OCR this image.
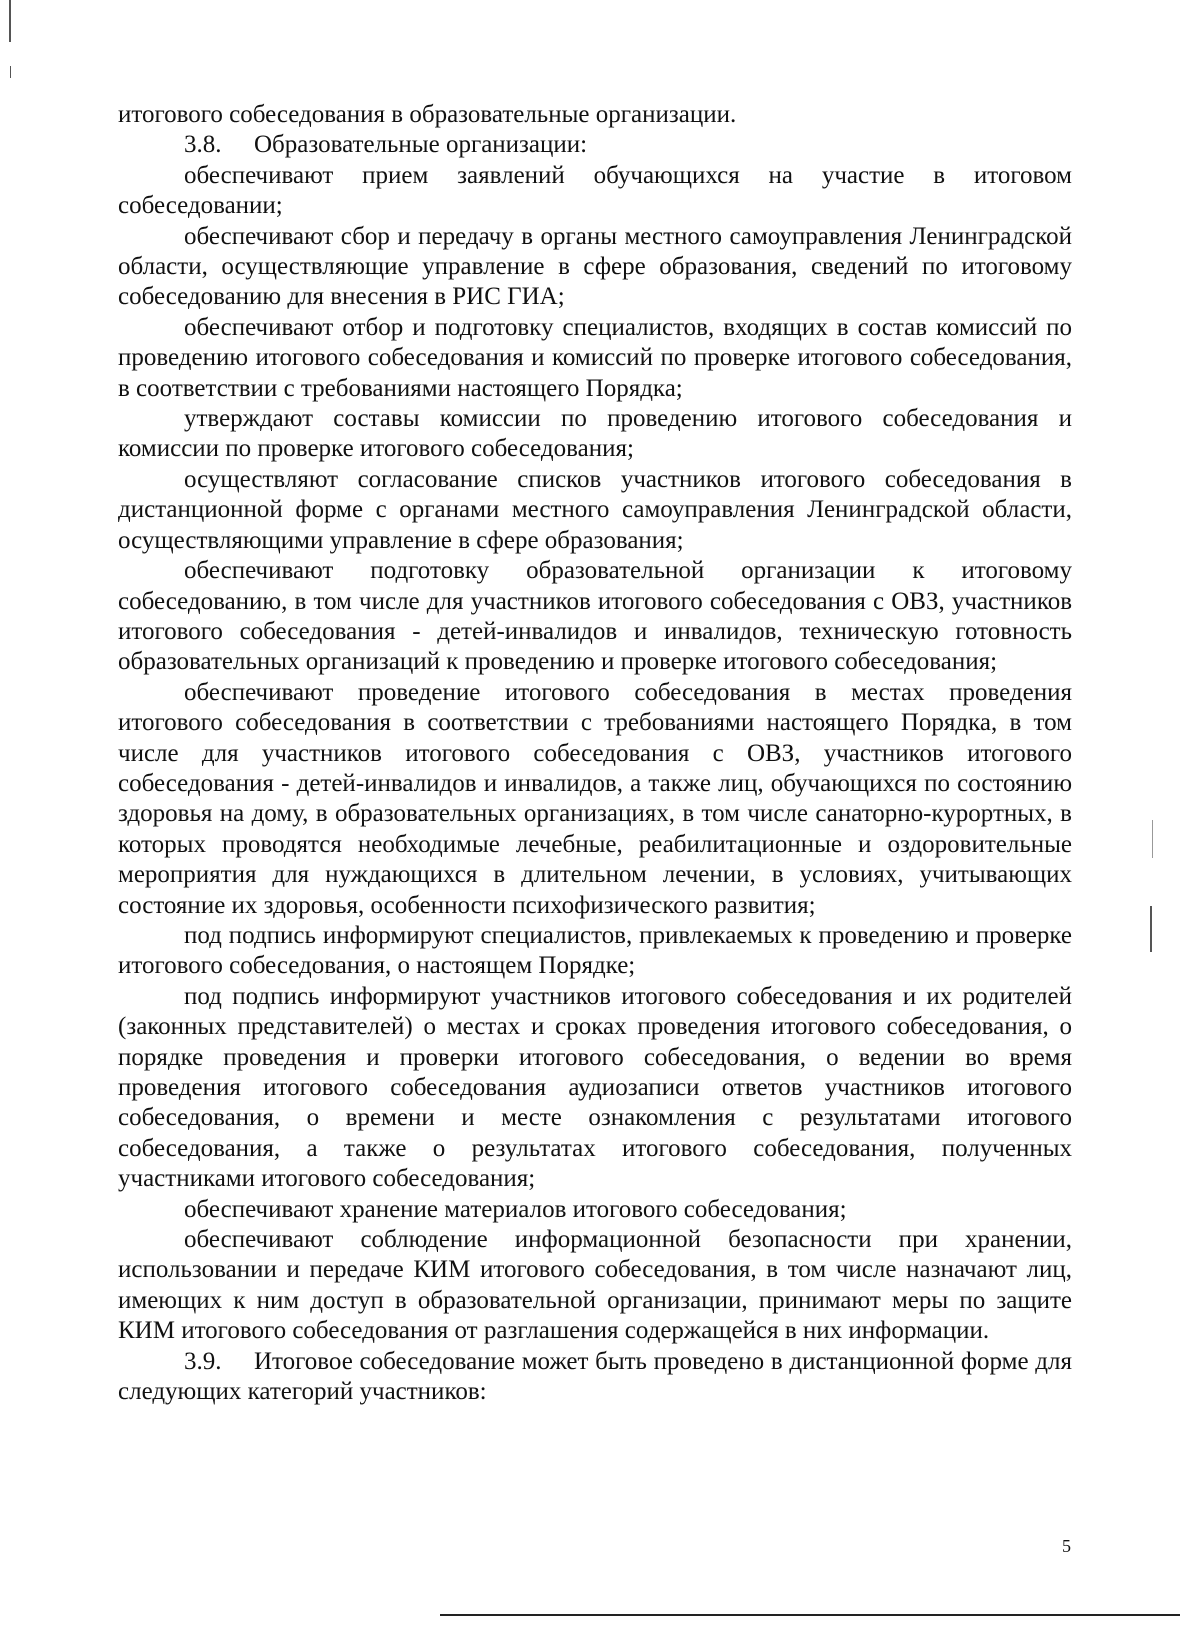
итогового собеседования в образовательные организации.

3.8. Образовательные организации:

обеспечивают прием заявлений обучающихся на участие в итоговом собеседовании;

обеспечивают сбор и передачу в органы местного самоуправления Ленинградской области, осуществляющие управление в сфере образования, сведений по итоговому собеседованию для внесения в РИС ГИА;

обеспечивают отбор и подготовку специалистов, входящих в состав комиссий по проведению итогового собеседования и комиссий по проверке итогового собеседования, в соответствии с требованиями настоящего Порядка;

утверждают составы комиссии по проведению итогового собеседования и комиссии по проверке итогового собеседования;

осуществляют согласование списков участников итогового собеседования в дистанционной форме с органами местного самоуправления Ленинградской области, осуществляющими управление в сфере образования;

обеспечивают подготовку образовательной организации к итоговому собеседованию, в том числе для участников итогового собеседования с ОВЗ, участников итогового собеседования - детей-инвалидов и инвалидов, техническую готовность образовательных организаций к проведению и проверке итогового собеседования;

обеспечивают проведение итогового собеседования в местах проведения итогового собеседования в соответствии с требованиями настоящего Порядка, в том числе для участников итогового собеседования с ОВЗ, участников итогового собеседования - детей-инвалидов и инвалидов, а также лиц, обучающихся по состоянию здоровья на дому, в образовательных организациях, в том числе санаторно-курортных, в которых проводятся необходимые лечебные, реабилитационные и оздоровительные мероприятия для нуждающихся в длительном лечении, в условиях, учитывающих состояние их здоровья, особенности психофизического развития;

под подпись информируют специалистов, привлекаемых к проведению и проверке итогового собеседования, о настоящем Порядке;

под подпись информируют участников итогового собеседования и их родителей (законных представителей) о местах и сроках проведения итогового собеседования, о порядке проведения и проверки итогового собеседования, о ведении во время проведения итогового собеседования аудиозаписи ответов участников итогового собеседования, о времени и месте ознакомления с результатами итогового собеседования, а также о результатах итогового собеседования, полученных участниками итогового собеседования;

обеспечивают хранение материалов итогового собеседования;

обеспечивают соблюдение информационной безопасности при хранении, использовании и передаче КИМ итогового собеседования, в том числе назначают лиц, имеющих к ним доступ в образовательной организации, принимают меры по защите КИМ итогового собеседования от разглашения содержащейся в них информации.

3.9. Итоговое собеседование может быть проведено в дистанционной форме для следующих категорий участников:

5
